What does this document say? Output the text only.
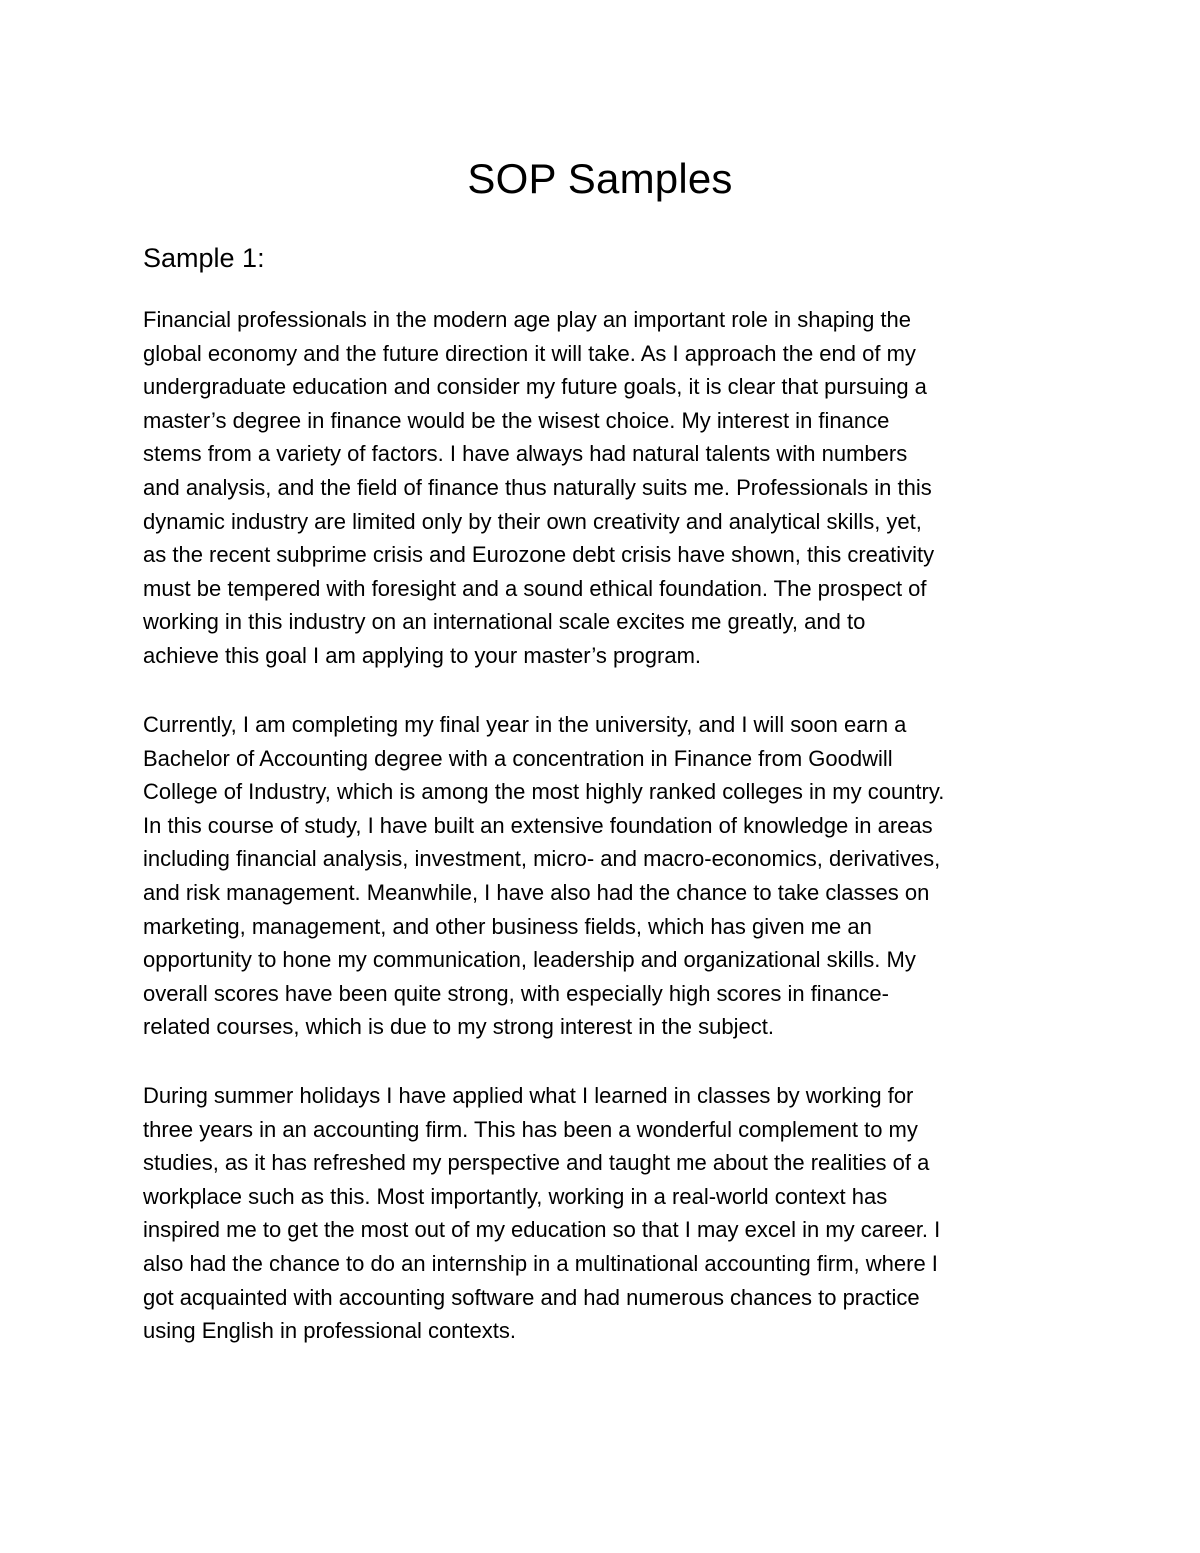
SOP Samples
Sample 1:
Financial professionals in the modern age play an important role in shaping the
global economy and the future direction it will take. As I approach the end of my
undergraduate education and consider my future goals, it is clear that pursuing a
master’s degree in finance would be the wisest choice. My interest in finance
stems from a variety of factors. I have always had natural talents with numbers
and analysis, and the field of finance thus naturally suits me. Professionals in this
dynamic industry are limited only by their own creativity and analytical skills, yet,
as the recent subprime crisis and Eurozone debt crisis have shown, this creativity
must be tempered with foresight and a sound ethical foundation. The prospect of
working in this industry on an international scale excites me greatly, and to
achieve this goal I am applying to your master’s program.
Currently, I am completing my final year in the university, and I will soon earn a
Bachelor of Accounting degree with a concentration in Finance from Goodwill
College of Industry, which is among the most highly ranked colleges in my country.
In this course of study, I have built an extensive foundation of knowledge in areas
including financial analysis, investment, micro- and macro-economics, derivatives,
and risk management. Meanwhile, I have also had the chance to take classes on
marketing, management, and other business fields, which has given me an
opportunity to hone my communication, leadership and organizational skills. My
overall scores have been quite strong, with especially high scores in finance-
related courses, which is due to my strong interest in the subject.
During summer holidays I have applied what I learned in classes by working for
three years in an accounting firm. This has been a wonderful complement to my
studies, as it has refreshed my perspective and taught me about the realities of a
workplace such as this. Most importantly, working in a real-world context has
inspired me to get the most out of my education so that I may excel in my career. I
also had the chance to do an internship in a multinational accounting firm, where I
got acquainted with accounting software and had numerous chances to practice
using English in professional contexts.
